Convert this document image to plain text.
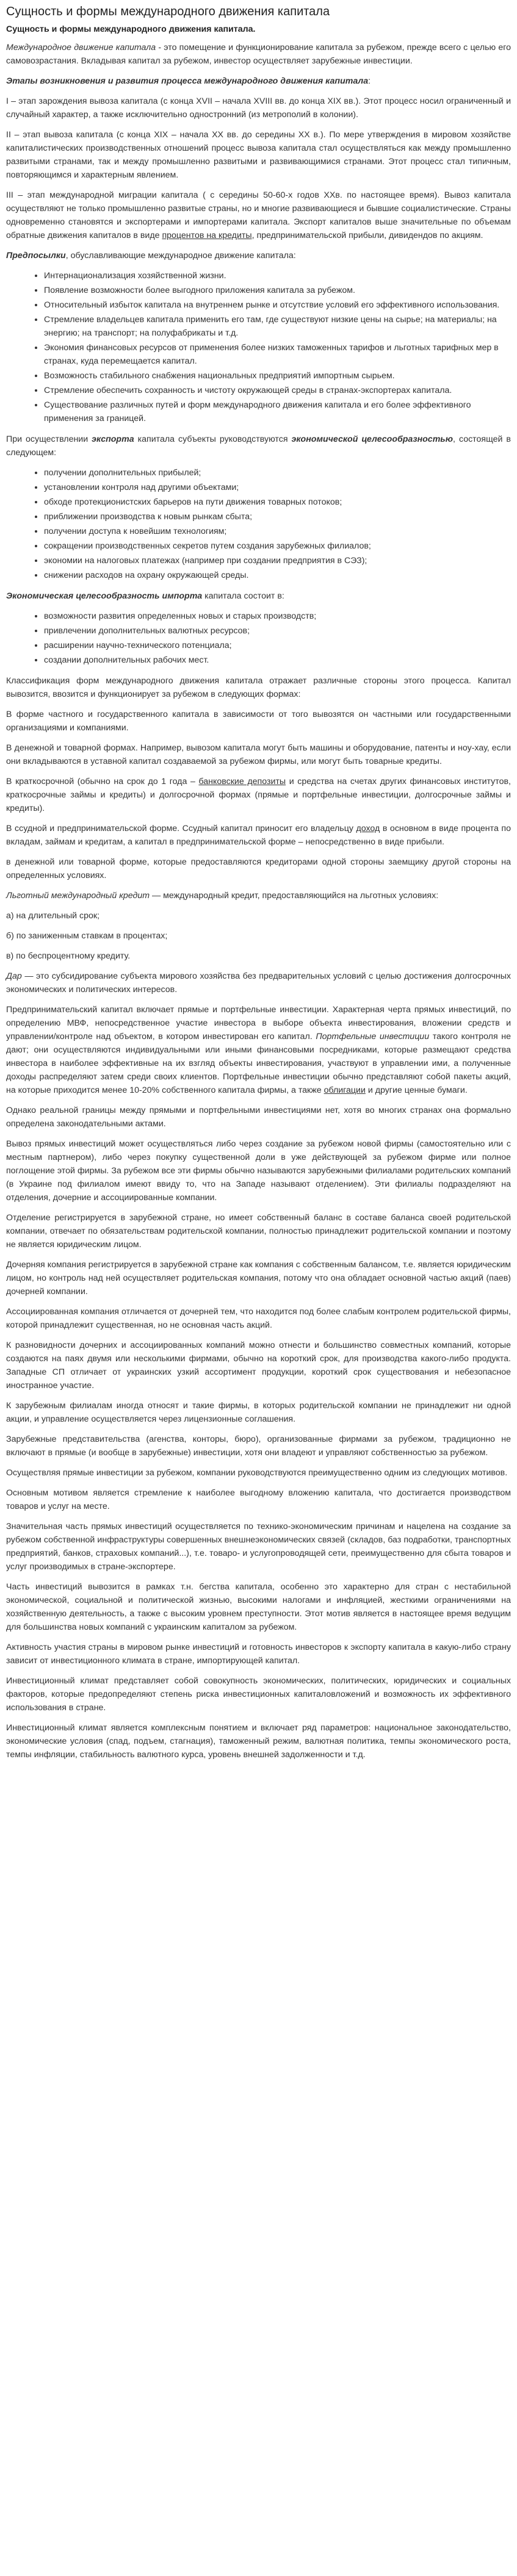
Сущность и формы международного движения капитала
Сущность и формы международного движения капитала.

Международное движение капитала - это помещение и функционирование капитала за рубежом, прежде всего с целью его самовозрастания. Вкладывая капитал за рубежом, инвестор осуществляет зарубежные инвестиции.

Этапы возникновения и развития процесса международного движения капитала:

I – этап зарождения вывоза капитала (с конца XVII – начала XVIII вв. до конца XIX вв.). Этот процесс носил ограниченный и случайный характер, а также исключительно одностронний (из метрополий в колонии).

II – этап вывоза капитала (с конца XIX – начала XX вв. до середины XX в.). По мере утверждения в мировом хозяйстве капиталистических производственных отношений процесс вывоза капитала стал осуществляться как между промышленно развитыми странами, так и между промышленно развитыми и развивающимися странами. Этот процесс стал типичным, повторяющимся и характерным явлением.

III – этап международной миграции капитала ( с середины 50-60-х годов XXв. по настоящее время). Вывоз капитала осуществляют не только промышленно развитые страны, но и многие развивающиеся и бывшие социалистические. Страны одновременно становятся и экспортерами и импортерами капитала. Экспорт капиталов выше значительные по объемам обратные движения капиталов в виде процентов на кредиты, предпринимательской прибыли, дивидендов по акциям.

Предпосылки, обуславливающие международное движение капитала:

• Интернационализация хозяйственной жизни.
• Появление возможности более выгодного приложения капитала за рубежом.
• Относительный избыток капитала на внутреннем рынке и отсутствие условий его эффективного использования.
• Стремление владельцев капитала применить его там, где существуют низкие цены на сырье; на материалы; на энергию; на транспорт; на полуфабрикаты и т.д.
• Экономия финансовых ресурсов от применения более низких таможенных тарифов и льготных тарифных мер в странах, куда перемещается капитал.
• Возможность стабильного снабжения национальных предприятий импортным сырьем.
• Стремление обеспечить сохранность и чистоту окружающей среды в странах-экспортерах капитала.
• Существование различных путей и форм международного движения капитала и его более эффективного применения за границей.

При осуществлении экспорта капитала субъекты руководствуются экономической целесообразностью, состоящей в следующем:

• получении дополнительных прибылей;
• установлении контроля над другими объектами;
• обходе протекционистских барьеров на пути движения товарных потоков;
• приближении производства к новым рынкам сбыта;
• получении доступа к новейшим технологиям;
• сокращении производственных секретов путем создания зарубежных филиалов;
• экономии на налоговых платежах (например при создании предприятия в СЭЗ);
• снижении расходов на охрану окружающей среды.

Экономическая целесообразность импорта капитала состоит в:

• возможности развития определенных новых и старых производств;
• привлечении дополнительных валютных ресурсов;
• расширении научно-технического потенциала;
• создании дополнительных рабочих мест.

Классификация форм международного движения капитала отражает различные стороны этого процесса. Капитал вывозится, ввозится и функционирует за рубежом в следующих формах:

В форме частного и государственного капитала в зависимости от того вывозятся он частными или государственными организациями и компаниями.

В денежной и товарной формах. Например, вывозом капитала могут быть машины и оборудование, патенты и ноу-хау, если они вкладываются в уставной капитал создаваемой за рубежом фирмы, или могут быть товарные кредиты.

В краткосрочной (обычно на срок до 1 года – банковские депозиты и средства на счетах других финансовых институтов, краткосрочные займы и кредиты) и долгосрочной формах (прямые и портфельные инвестиции, долгосрочные займы и кредиты).

В ссудной и предпринимательской форме. Ссудный капитал приносит его владельцу доход в основном в виде процента по вкладам, займам и кредитам, а капитал в предпринимательской форме – непосредственно в виде прибыли.

в денежной или товарной форме, которые предоставляются кредиторами одной стороны заемщику другой стороны на определенных условиях.

Льготный международный кредит — международный кредит, предоставляющийся на льготных условиях:

а) на длительный срок;

б) по заниженным ставкам в процентах;

в) по беспроцентному кредиту.

Дар — это субсидирование субъекта мирового хозяйства без предварительных условий с целью достижения долгосрочных экономических и политических интересов.

Предпринимательский капитал включает прямые и портфельные инвестиции. Характерная черта прямых инвестиций, по определению МВФ, непосредственное участие инвестора в выборе объекта инвестирования, вложении средств и управлении/контроле над объектом, в котором инвестирован его капитал. Портфельные инвестиции такого контроля не дают; они осуществляются индивидуальными или иными финансовыми посредниками, которые размещают средства инвестора в наиболее эффективные на их взгляд объекты инвестирования, участвуют в управлении ими, а полученные доходы распределяют затем среди своих клиентов. Портфельные инвестиции обычно представляют собой пакеты акций, на которые приходится менее 10-20% собственного капитала фирмы, а также облигации и другие ценные бумаги.

Однако реальной границы между прямыми и портфельными инвестициями нет, хотя во многих странах она формально определена законодательными актами.

Вывоз прямых инвестиций может осуществляться либо через создание за рубежом новой фирмы (самостоятельно или с местным партнером), либо через покупку существенной доли в уже действующей за рубежом фирме или полное поглощение этой фирмы. За рубежом все эти фирмы обычно называются зарубежными филиалами родительских компаний (в Украине под филиалом имеют ввиду то, что на Западе называют отделением). Эти филиалы подразделяют на отделения, дочерние и ассоциированные компании.

Отделение регистрируется в зарубежной стране, но имеет собственный баланс в составе баланса своей родительской компании, отвечает по обязательствам родительской компании, полностью принадлежит родительской компании и поэтому не является юридическим лицом.

Дочерняя компания регистрируется в зарубежной стране как компания с собственным балансом, т.е. является юридическим лицом, но контроль над ней осуществляет родительская компания, потому что она обладает основной частью акций (паев) дочерней компании.

Ассоциированная компания отличается от дочерней тем, что находится под более слабым контролем родительской фирмы, которой принадлежит существенная, но не основная часть акций.

К разновидности дочерних и ассоциированных компаний можно отнести и большинство совместных компаний, которые создаются на паях двумя или несколькими фирмами, обычно на короткий срок, для производства какого-либо продукта. Западные СП отличает от украинских узкий ассортимент продукции, короткий срок существования и небезопасное иностранное участие.

К зарубежным филиалам иногда относят и такие фирмы, в которых родительской компании не принадлежит ни одной акции, и управление осуществляется через лицензионные соглашения.

Зарубежные представительства (агенства, конторы, бюро), организованные фирмами за рубежом, традиционно не включают в прямые (и вообще в зарубежные) инвестиции, хотя они владеют и управляют собственностью за рубежом.

Осуществляя прямые инвестиции за рубежом, компании руководствуются преимущественно одним из следующих мотивов.

Основным мотивом является стремление к наиболее выгодному вложению капитала, что достигается производством товаров и услуг на месте.

Значительная часть прямых инвестиций осуществляется по технико-экономическим причинам и нацелена на создание за рубежом собственной инфраструктуры совершенных внешнеэкономических связей (складов, баз подработки, транспортных предприятий, банков, страховых компаний...), т.е. товаро- и услугопроводящей сети, преимущественно для сбыта товаров и услуг производимых в стране-экспортере.

Часть инвестиций вывозится в рамках т.н. бегства капитала, особенно это характерно для стран с нестабильной экономической, социальной и политической жизнью, высокими налогами и инфляцией, жесткими ограничениями на хозяйственную деятельность, а также с высоким уровнем преступности. Этот мотив является в настоящее время ведущим для большинства новых компаний с украинским капиталом за рубежом.

Активность участия страны в мировом рынке инвестиций и готовность инвесторов к экспорту капитала в какую-либо страну зависит от инвестиционного климата в стране, импортирующей капитал.

Инвестиционный климат представляет собой совокупность экономических, политических, юридических и социальных факторов, которые предопределяют степень риска инвестиционных капиталовложений и возможность их эффективного использования в стране.

Инвестиционный климат является комплексным понятием и включает ряд параметров: национальное законодательство, экономические условия (спад, подъем, стагнация), таможенный режим, валютная политика, темпы экономического роста, темпы инфляции, стабильность валютного курса, уровень внешней задолженности и т.д.
